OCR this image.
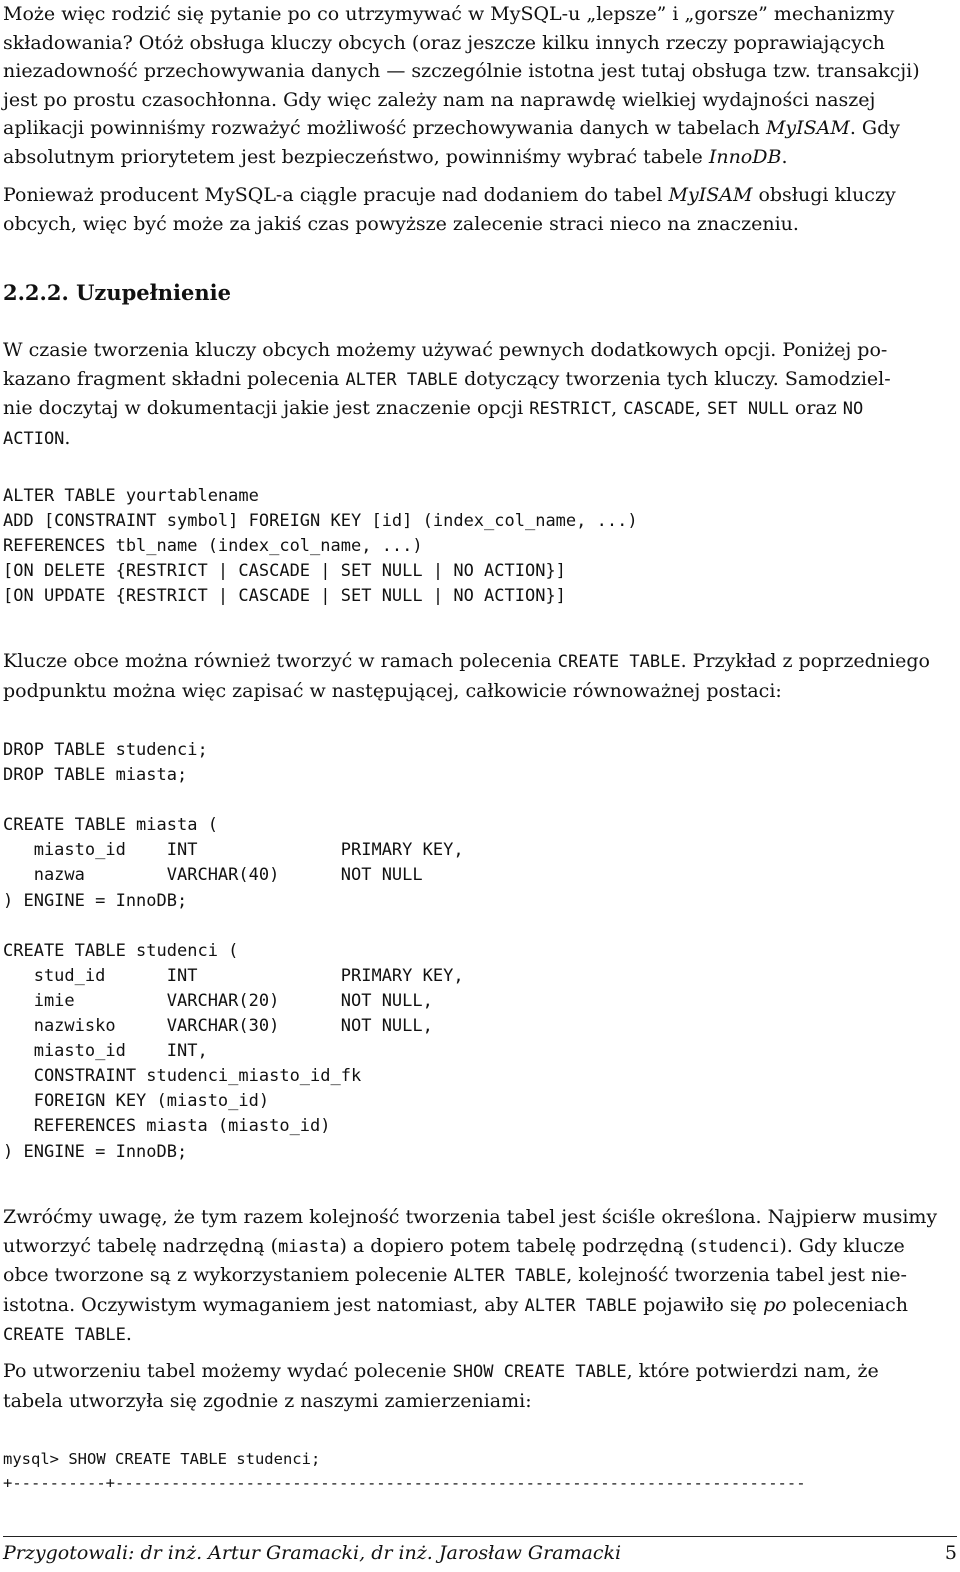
Może więc rodzić się pytanie po co utrzymywać w MySQL-u „lepsze” i „gorsze” mechanizmy
składowania? Otóż obsługa kluczy obcych (oraz jeszcze kilku innych rzeczy poprawiających
niezadowność przechowywania danych — szczególnie istotna jest tutaj obsługa tzw. transakcji)
jest po prostu czasochłonna. Gdy więc zależy nam na naprawdę wielkiej wydajności naszej
aplikacji powinniśmy rozważyć możliwość przechowywania danych w tabelach MyISAM. Gdy
absolutnym priorytetem jest bezpieczeństwo, powinniśmy wybrać tabele InnoDB.
Ponieważ producent MySQL-a ciągle pracuje nad dodaniem do tabel MyISAM obsługi kluczy
obcych, więc być może za jakiś czas powyższe zalecenie straci nieco na znaczeniu.
2.2.2. Uzupełnienie
W czasie tworzenia kluczy obcych możemy używać pewnych dodatkowych opcji. Poniżej po-
kazano fragment składni polecenia ALTER TABLE dotyczący tworzenia tych kluczy. Samodziel-
nie doczytaj w dokumentacji jakie jest znaczenie opcji RESTRICT, CASCADE, SET NULL oraz NO
ACTION.
ALTER TABLE yourtablename
ADD [CONSTRAINT symbol] FOREIGN KEY [id] (index_col_name, ...)
REFERENCES tbl_name (index_col_name, ...)
[ON DELETE {RESTRICT | CASCADE | SET NULL | NO ACTION}]
[ON UPDATE {RESTRICT | CASCADE | SET NULL | NO ACTION}]
Klucze obce można również tworzyć w ramach polecenia CREATE TABLE. Przykład z poprzedniego
podpunktu można więc zapisać w następującej, całkowicie równoważnej postaci:
DROP TABLE studenci;
DROP TABLE miasta;

CREATE TABLE miasta (
miasto_id    INT              PRIMARY KEY,
nazwa        VARCHAR(40)      NOT NULL
) ENGINE = InnoDB;

CREATE TABLE studenci (
stud_id      INT              PRIMARY KEY,
imie         VARCHAR(20)      NOT NULL,
nazwisko     VARCHAR(30)      NOT NULL,
miasto_id    INT,
CONSTRAINT studenci_miasto_id_fk
FOREIGN KEY (miasto_id)
REFERENCES miasta (miasto_id)
) ENGINE = InnoDB;
Zwróćmy uwagę, że tym razem kolejność tworzenia tabel jest ściśle określona. Najpierw musimy
utworzyć tabelę nadrzędną (miasta) a dopiero potem tabelę podrzędną (studenci). Gdy klucze
obce tworzone są z wykorzystaniem polecenie ALTER TABLE, kolejność tworzenia tabel jest nie-
istotna. Oczywistym wymaganiem jest natomiast, aby ALTER TABLE pojawiło się po poleceniach
CREATE TABLE.
Po utworzeniu tabel możemy wydać polecenie SHOW CREATE TABLE, które potwierdzi nam, że
tabela utworzyła się zgodnie z naszymi zamierzeniami:
mysql> SHOW CREATE TABLE studenci;
+----------+--------------------------------------------------------------------------
Przygotowali: dr inż. Artur Gramacki, dr inż. Jarosław Gramacki	5
